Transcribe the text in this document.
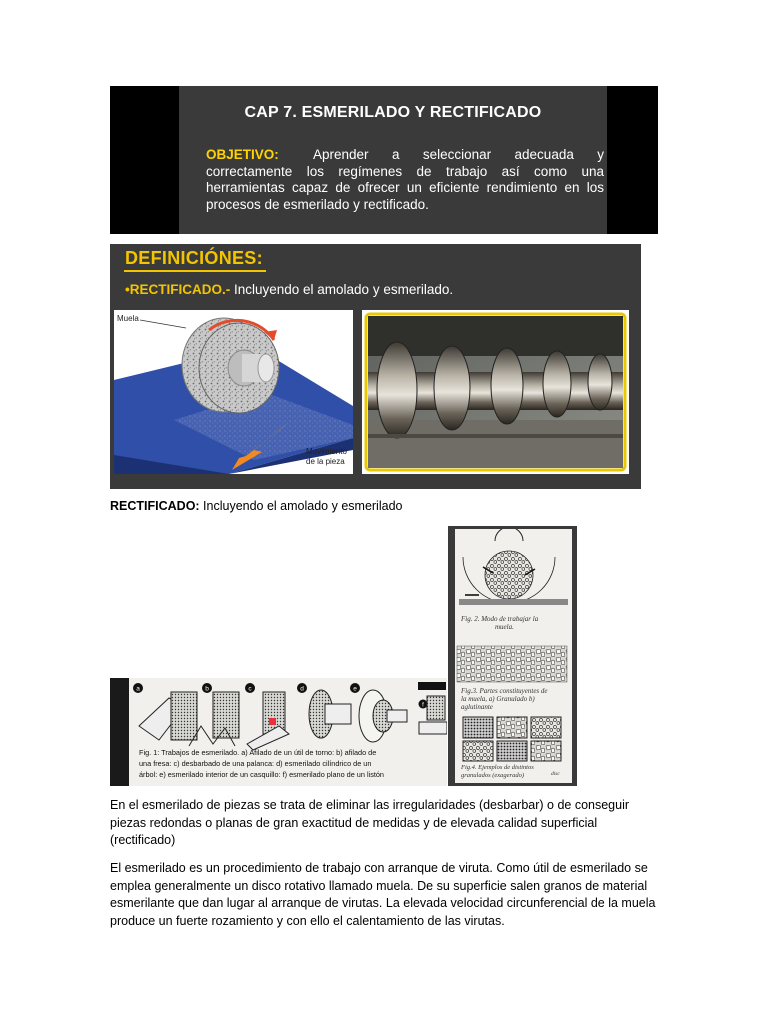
CAP 7. ESMERILADO Y RECTIFICADO
Aprender a seleccionar adecuada y correctamente los regímenes de trabajo así como una herramientas capaz de ofrecer un eficiente rendimiento en los procesos de esmerilado y rectificado.
OBJETIVO:
DEFINICIÓNES:
•RECTIFICADO.- Incluyendo el amolado y esmerilado.
Muela
Movimiento
de la pieza
RECTIFICADO: Incluyendo el amolado y esmerilado
Fig. 2. Modo de trabajar la
muela.
Fig.3. Partes constituyentes de
la muela, a) Granulado b)
aglutinante
Fig.4. Ejemplos de distintos
granulados (exagerado)	disc
a	b	c	d	e
f
Fig. 1: Trabajos de esmerilado. a) Afilado de un útil de torno: b) afilado de
una fresa: c) desbarbado de una palanca: d) esmerilado cilíndrico de un
árbol: e) esmerilado interior de un casquillo: f) esmerilado plano de un listón
En el esmerilado de piezas se trata de eliminar las irregularidades (desbarbar) o de conseguir piezas redondas o planas de gran exactitud de medidas y de elevada calidad superficial (rectificado)
El esmerilado es un procedimiento de trabajo con arranque de viruta. Como útil de esmerilado se emplea generalmente un disco rotativo llamado muela. De su superficie salen granos de material esmerilante que dan lugar al arranque de virutas. La elevada velocidad circunferencial de la muela produce un fuerte rozamiento y con ello el calentamiento de las virutas.
